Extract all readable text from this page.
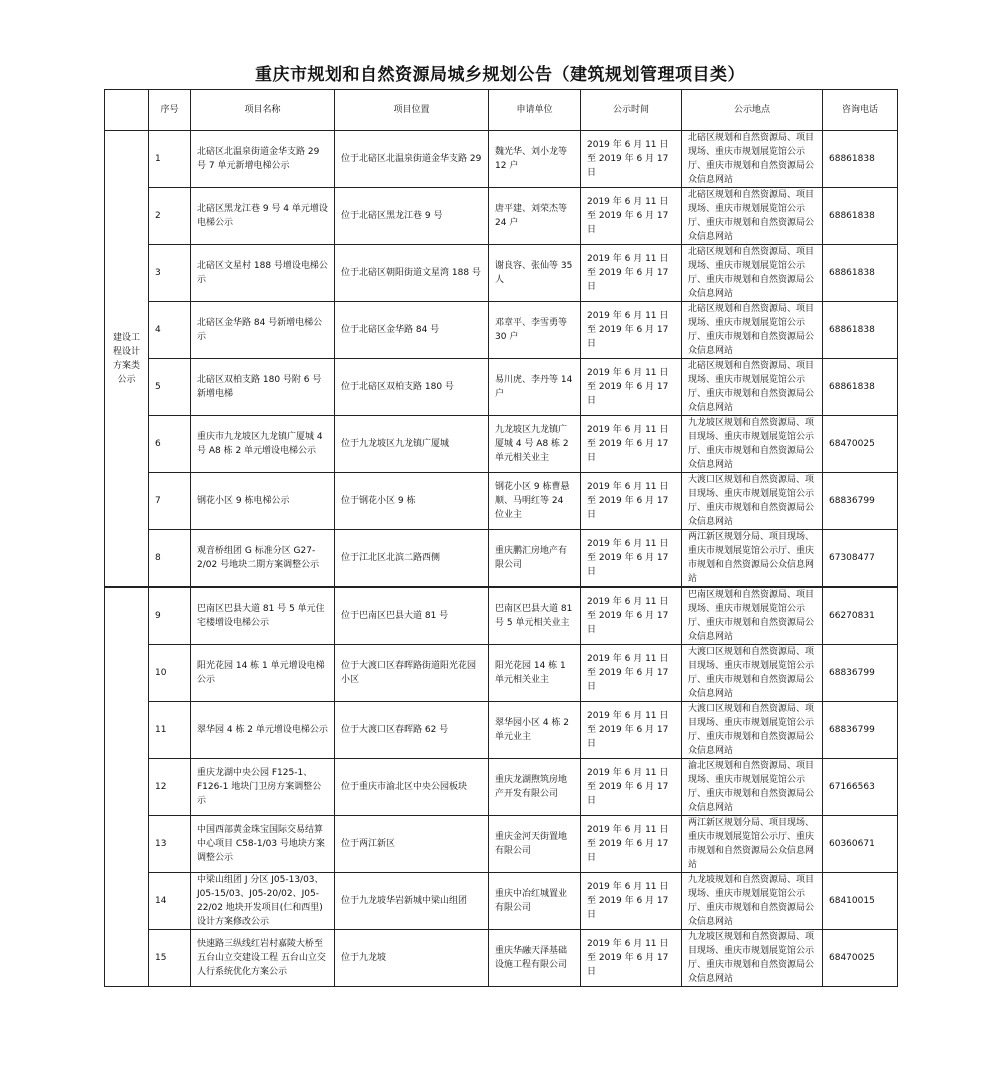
重庆市规划和自然资源局城乡规划公告（建筑规划管理项目类）
	序号	项目名称	项目位置	申请单位	公示时间	公示地点	咨询电话
建设工程设计方案类公示	1	北碚区北温泉街道金华支路 29 号 7 单元新增电梯公示	位于北碚区北温泉街道金华支路 29	魏光华、刘小龙等 12 户	2019 年 6 月 11 日至 2019 年 6 月 17 日	北碚区规划和自然资源局、项目现场、重庆市规划展览馆公示厅、重庆市规划和自然资源局公众信息网站	68861838
	2	北碚区黑龙江巷 9 号 4 单元增设电梯公示	位于北碚区黑龙江巷 9 号	唐平建、刘荣杰等 24 户	2019 年 6 月 11 日至 2019 年 6 月 17 日	北碚区规划和自然资源局、项目现场、重庆市规划展览馆公示厅、重庆市规划和自然资源局公众信息网站	68861838
	3	北碚区文星村 188 号增设电梯公示	位于北碚区朝阳街道文星湾 188 号	谢良容、张仙等 35 人	2019 年 6 月 11 日至 2019 年 6 月 17 日	北碚区规划和自然资源局、项目现场、重庆市规划展览馆公示厅、重庆市规划和自然资源局公众信息网站	68861838
	4	北碚区金华路 84 号新增电梯公示	位于北碚区金华路 84 号	邓章平、李雪勇等 30 户	2019 年 6 月 11 日至 2019 年 6 月 17 日	北碚区规划和自然资源局、项目现场、重庆市规划展览馆公示厅、重庆市规划和自然资源局公众信息网站	68861838
	5	北碚区双柏支路 180 号附 6 号新增电梯	位于北碚区双柏支路 180 号	易川虎、李丹等 14 户	2019 年 6 月 11 日至 2019 年 6 月 17 日	北碚区规划和自然资源局、项目现场、重庆市规划展览馆公示厅、重庆市规划和自然资源局公众信息网站	68861838
	6	重庆市九龙坡区九龙镇广厦城 4 号 A8 栋 2 单元增设电梯公示	位于九龙坡区九龙镇广厦城	九龙坡区九龙镇广厦城 4 号 A8 栋 2 单元相关业主	2019 年 6 月 11 日至 2019 年 6 月 17 日	九龙坡区规划和自然资源局、项目现场、重庆市规划展览馆公示厅、重庆市规划和自然资源局公众信息网站	68470025
	7	钢花小区 9 栋电梯公示	位于钢花小区 9 栋	钢花小区 9 栋曹悬顺、马明红等 24 位业主	2019 年 6 月 11 日至 2019 年 6 月 17 日	大渡口区规划和自然资源局、项目现场、重庆市规划展览馆公示厅、重庆市规划和自然资源局公众信息网站	68836799
	8	观音桥组团 G 标准分区 G27-2/02 号地块二期方案调整公示	位于江北区北滨二路西侧	重庆鹏汇房地产有限公司	2019 年 6 月 11 日至 2019 年 6 月 17 日	两江新区规划分局、项目现场、重庆市规划展览馆公示厅、重庆市规划和自然资源局公众信息网站	67308477
	9	巴南区巴县大道 81 号 5 单元住宅楼增设电梯公示	位于巴南区巴县大道 81 号	巴南区巴县大道 81 号 5 单元相关业主	2019 年 6 月 11 日至 2019 年 6 月 17 日	巴南区规划和自然资源局、项目现场、重庆市规划展览馆公示厅、重庆市规划和自然资源局公众信息网站	66270831
	10	阳光花园 14 栋 1 单元增设电梯公示	位于大渡口区春晖路街道阳光花园小区	阳光花园 14 栋 1 单元相关业主	2019 年 6 月 11 日至 2019 年 6 月 17 日	大渡口区规划和自然资源局、项目现场、重庆市规划展览馆公示厅、重庆市规划和自然资源局公众信息网站	68836799
	11	翠华园 4 栋 2 单元增设电梯公示	位于大渡口区春晖路 62 号	翠华园小区 4 栋 2 单元业主	2019 年 6 月 11 日至 2019 年 6 月 17 日	大渡口区规划和自然资源局、项目现场、重庆市规划展览馆公示厅、重庆市规划和自然资源局公众信息网站	68836799
	12	重庆龙湖中央公园 F125-1、F126-1 地块门卫房方案调整公示	位于重庆市渝北区中央公园板块	重庆龙湖煦筑房地产开发有限公司	2019 年 6 月 11 日至 2019 年 6 月 17 日	渝北区规划和自然资源局、项目现场、重庆市规划展览馆公示厅、重庆市规划和自然资源局公众信息网站	67166563
	13	中国西部黄金珠宝国际交易结算中心项目 C58-1/03 号地块方案调整公示	位于两江新区	重庆金河天街置地有限公司	2019 年 6 月 11 日至 2019 年 6 月 17 日	两江新区规划分局、项目现场、重庆市规划展览馆公示厅、重庆市规划和自然资源局公众信息网站	60360671
	14	中梁山组团 J 分区 J05-13/03、J05-15/03、J05-20/02、J05-22/02 地块开发项目(仁和西里)设计方案修改公示	位于九龙坡华岩新城中梁山组团	重庆中冶红城置业有限公司	2019 年 6 月 11 日至 2019 年 6 月 17 日	九龙坡规划和自然资源局、项目现场、重庆市规划展览馆公示厅、重庆市规划和自然资源局公众信息网站	68410015
	15	快速路三纵线红岩村嘉陵大桥至五台山立交建设工程 五台山立交人行系统优化方案公示	位于九龙坡	重庆华融天泽基础设施工程有限公司	2019 年 6 月 11 日至 2019 年 6 月 17 日	九龙坡区规划和自然资源局、项目现场、重庆市规划展览馆公示厅、重庆市规划和自然资源局公众信息网站	68470025
